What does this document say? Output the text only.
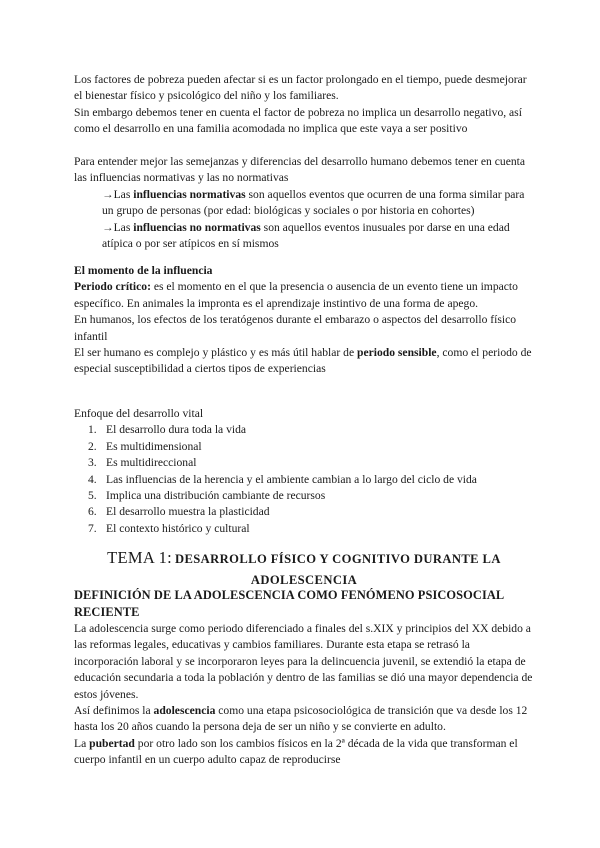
Los factores de pobreza pueden afectar si es un factor prolongado en el tiempo, puede desmejorar el bienestar físico y psicológico del niño y los familiares.

Sin embargo debemos tener en cuenta el factor de pobreza no implica un desarrollo negativo, así como el desarrollo en una familia acomodada no implica que este vaya a ser positivo

Para entender mejor las semejanzas y diferencias del desarrollo humano debemos tener en cuenta las influencias normativas y las no normativas

→Las influencias normativas son aquellos eventos que ocurren de una forma similar para un grupo de personas (por edad: biológicas y sociales o por historia en cohortes)

→Las influencias no normativas son aquellos eventos inusuales por darse en una edad atípica o por ser atípicos en sí mismos

El momento de la influencia

Periodo crítico: es el momento en el que la presencia o ausencia de un evento tiene un impacto específico. En animales la impronta es el aprendizaje instintivo de una forma de apego.

En humanos, los efectos de los teratógenos durante el embarazo o aspectos del desarrollo físico infantil

El ser humano es complejo y plástico y es más útil hablar de periodo sensible, como el periodo de especial susceptibilidad a ciertos tipos de experiencias

Enfoque del desarrollo vital

1. El desarrollo dura toda la vida
2. Es multidimensional
3. Es multidireccional
4. Las influencias de la herencia y el ambiente cambian a lo largo del ciclo de vida
5. Implica una distribución cambiante de recursos
6. El desarrollo muestra la plasticidad
7. El contexto histórico y cultural
TEMA 1: DESARROLLO FÍSICO Y COGNITIVO DURANTE LA
ADOLESCENCIA
DEFINICIÓN DE LA ADOLESCENCIA COMO FENÓMENO PSICOSOCIAL RECIENTE

La adolescencia surge como periodo diferenciado a finales del s.XIX y principios del XX debido a las reformas legales, educativas y cambios familiares. Durante esta etapa se retrasó la incorporación laboral y se incorporaron leyes para la delincuencia juvenil, se extendió la etapa de educación secundaria a toda la población y dentro de las familias se dió una mayor dependencia de estos jóvenes.

Así definimos la adolescencia como una etapa psicosociológica de transición que va desde los 12 hasta los 20 años cuando la persona deja de ser un niño y se convierte en adulto.

La pubertad por otro lado son los cambios físicos en la 2ª década de la vida que transforman el cuerpo infantil en un cuerpo adulto capaz de reproducirse
